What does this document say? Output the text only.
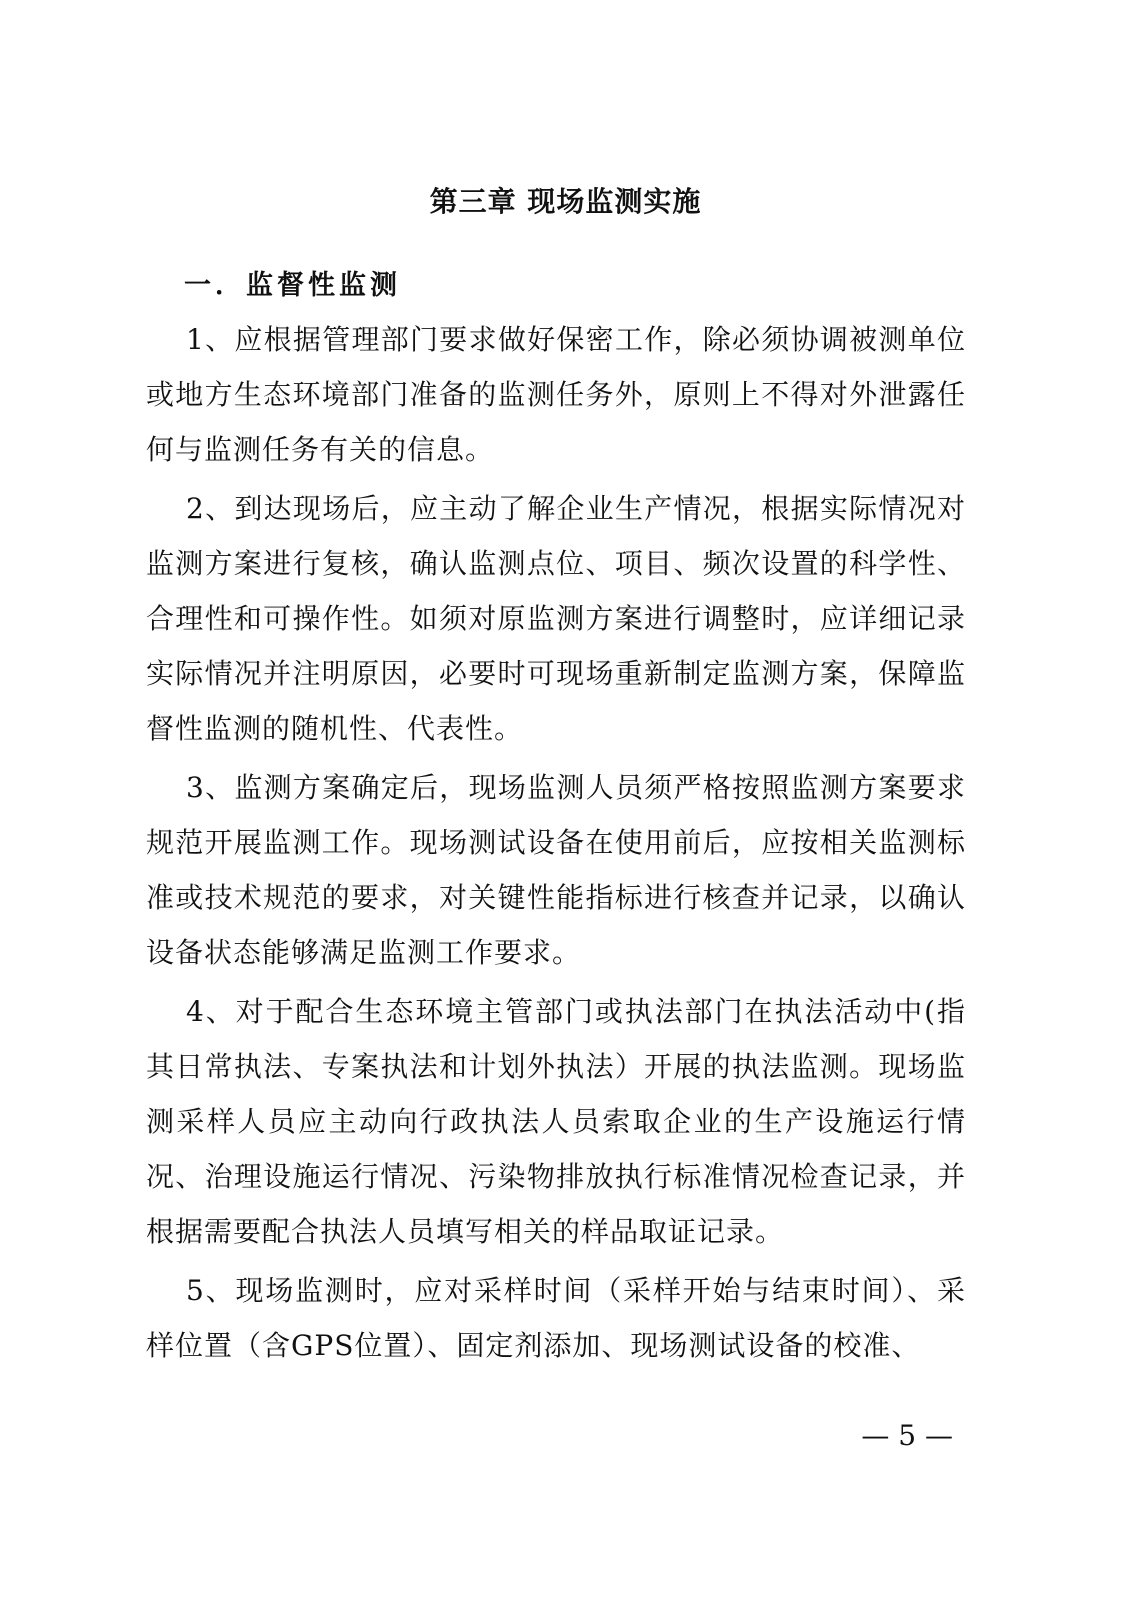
第三章 现场监测实施
一．监督性监测

1、应根据管理部门要求做好保密工作，除必须协调被测单位或地方生态环境部门准备的监测任务外，原则上不得对外泄露任何与监测任务有关的信息。

2、到达现场后，应主动了解企业生产情况，根据实际情况对监测方案进行复核，确认监测点位、项目、频次设置的科学性、合理性和可操作性。如须对原监测方案进行调整时，应详细记录实际情况并注明原因，必要时可现场重新制定监测方案，保障监督性监测的随机性、代表性。

3、监测方案确定后，现场监测人员须严格按照监测方案要求规范开展监测工作。现场测试设备在使用前后，应按相关监测标准或技术规范的要求，对关键性能指标进行核查并记录，以确认设备状态能够满足监测工作要求。

4、对于配合生态环境主管部门或执法部门在执法活动中(指其日常执法、专案执法和计划外执法）开展的执法监测。现场监测采样人员应主动向行政执法人员索取企业的生产设施运行情况、治理设施运行情况、污染物排放执行标准情况检查记录，并根据需要配合执法人员填写相关的样品取证记录。

5、现场监测时，应对采样时间（采样开始与结束时间）、采样位置（含GPS位置）、固定剂添加、现场测试设备的校准、

— 5 —
